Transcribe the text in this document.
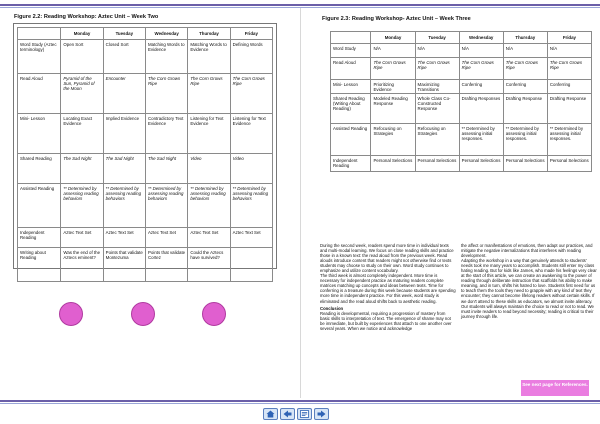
Figure 2.2: Reading Workshop: Aztec Unit – Week Two
	Monday	Tuesday	Wednesday	Thursday	Friday
Word Study (Aztec terminology)	Open Sort	Closed Sort	Matching Words to Evidence	Matching Words to Evidence	Defining Words
Read Aloud	Pyramid of the Sun, Pyramid of the Moon	Encounter	The Corn Grows Ripe	The Corn Grows Ripe	The Corn Grows Ripe
Mini- Lesson	Locating Exact Evidence	Implied Evidence	Contradictory Text Evidence	Listening for Text Evidence	Listening for Text Evidence
Shared Reading	The Sad Night	The Sad Night	The Sad Night	Video	Video
Assisted Reading	** Determined by assessing reading behaviors	** Determined by assessing reading behaviors	** Determined by assessing reading behaviors	** Determined by assessing reading behaviors	** Determined by assessing reading behaviors
Independent Reading	Aztec Text Set	Aztec Text Set	Aztec Text Set	Aztec Text Set	Aztec Text Set
Writing about Reading	Was the end of the Aztecs eminent?	Points that validate Montezuma	Points that validate Cortez	Could the Aztecs have survived?	
Figure 2.3: Reading Workshop- Aztec Unit – Week Three
	Monday	Tuesday	Wednesday	Thursday	Friday
Word Study	N/A	N/A	N/A	N/A	N/A
Read Aloud	The Corn Grows Ripe	The Corn Grows Ripe	The Corn Grows Ripe	The Corn Grows Ripe	The Corn Grows Ripe
Mini- Lesson	Prioritizing Evidence	Maximizing Transitions	Conferring	Conferring	Conferring
Shared Reading (Writing About Reading)	Modeled Reading Response	Whole Class Co-Constructed Response	Drafting Responses	Drafting Response	Drafting Response
Assisted Reading	Refocusing on Strategies	Refocusing on Strategies	** Determined by assessing initial responses.	** Determined by assessing initial responses.	** Determined by assessing initial responses.
Independent Reading	Personal Selections	Personal Selections	Personal Selections	Personal Selections	Personal Selections

During the second week, readers spend more time in individual texts and multi-modal learning. We focus on close reading skills and practice those in a known text: the read aloud from the previous week. Read alouds introduce content that readers might not otherwise find or texts students may choose to study on their own. Word study continues to emphasize and utilize content vocabulary.

The third week is almost completely independent. More time is necessary for independent practice as maturing readers complete matrices matching up concepts and ideas between texts. Time for conferring is a treasure during this week because students are spending more time in independent practice. For this week, word study is eliminated and the read aloud shifts back to aesthetic reading.

Conclusion

Reading is developmental, requiring a progression of mastery from basic skills to interpretation of text. The emergence of shame may not be immediate, but built by experiences that attach to one another over several years. When we notice and acknowledge

the affect or manifestations of emotions, then adapt our practices, and mitigate the negative internalizations that interferes with reading development.

Adapting the workshop in a way that genuinely attends to students' needs took me many years to accomplish. Students still enter my class hating reading. But for kids like James, who made his feelings very clear at the start of this article, we can create an awakening to the power of reading through deliberate instruction that scaffolds his ability to make meaning, and in turn, shifts his hatred to love. Students first need for us to teach them the tools they need to grapple with any kind of text they encounter; they cannot become lifelong readers without certain skills. If we don't attend to these skills as educators, we almost invite aliteracy. Our students will always maintain the choice to read or not to read. We must invite readers to read beyond necessity; reading is critical to their journey through life.

See next page for References.
